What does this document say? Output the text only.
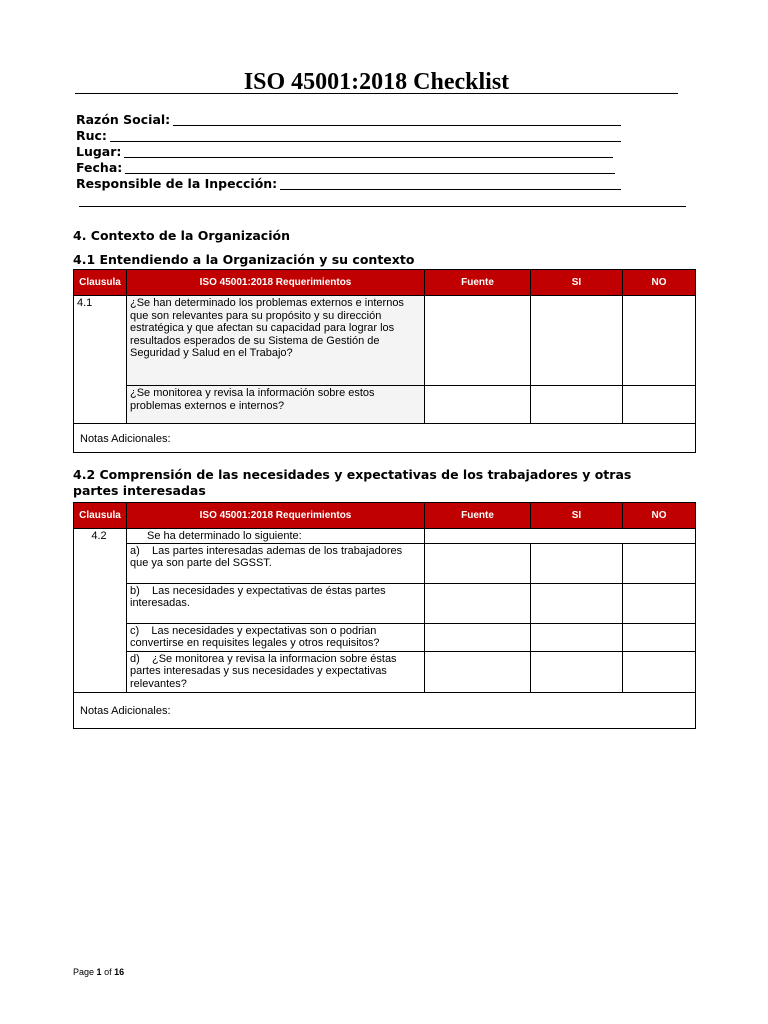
ISO 45001:2018 Checklist
Razón Social:
Ruc:
Lugar:
Fecha:
Responsible de la Inpección:
4. Contexto de la Organización
4.1 Entendiendo a la Organización y su contexto
Clausula	ISO 45001:2018 Requerimientos	Fuente	SI	NO

4.1	¿Se han determinado los problemas externos e internos que son relevantes para su propósito y su dirección estratégica y que afectan su capacidad para lograr los resultados esperados de su Sistema de Gestión de Seguridad y Salud en el Trabajo?			

	¿Se monitorea y revisa la información sobre estos problemas externos e internos?			

Notas Adicionales:				
4.2 Comprensión de las necesidades y expectativas de los trabajadores y otras partes interesadas
Clausula	ISO 45001:2018 Requerimientos	Fuente	SI	NO

4.2	Se ha determinado lo siguiente:			

	a)    Las partes interesadas ademas de los trabajadores que ya son parte del SGSST.			

	b)    Las necesidades y expectativas de éstas partes interesadas.			

	c)    Las necesidades y expectativas son o podrian convertirse en requisites legales y otros requisitos?			

	d)    ¿Se monitorea y revisa la informacion sobre éstas partes interesadas y sus necesidades y expectativas relevantes?			

Notas Adicionales:				
Page 1 of 16
